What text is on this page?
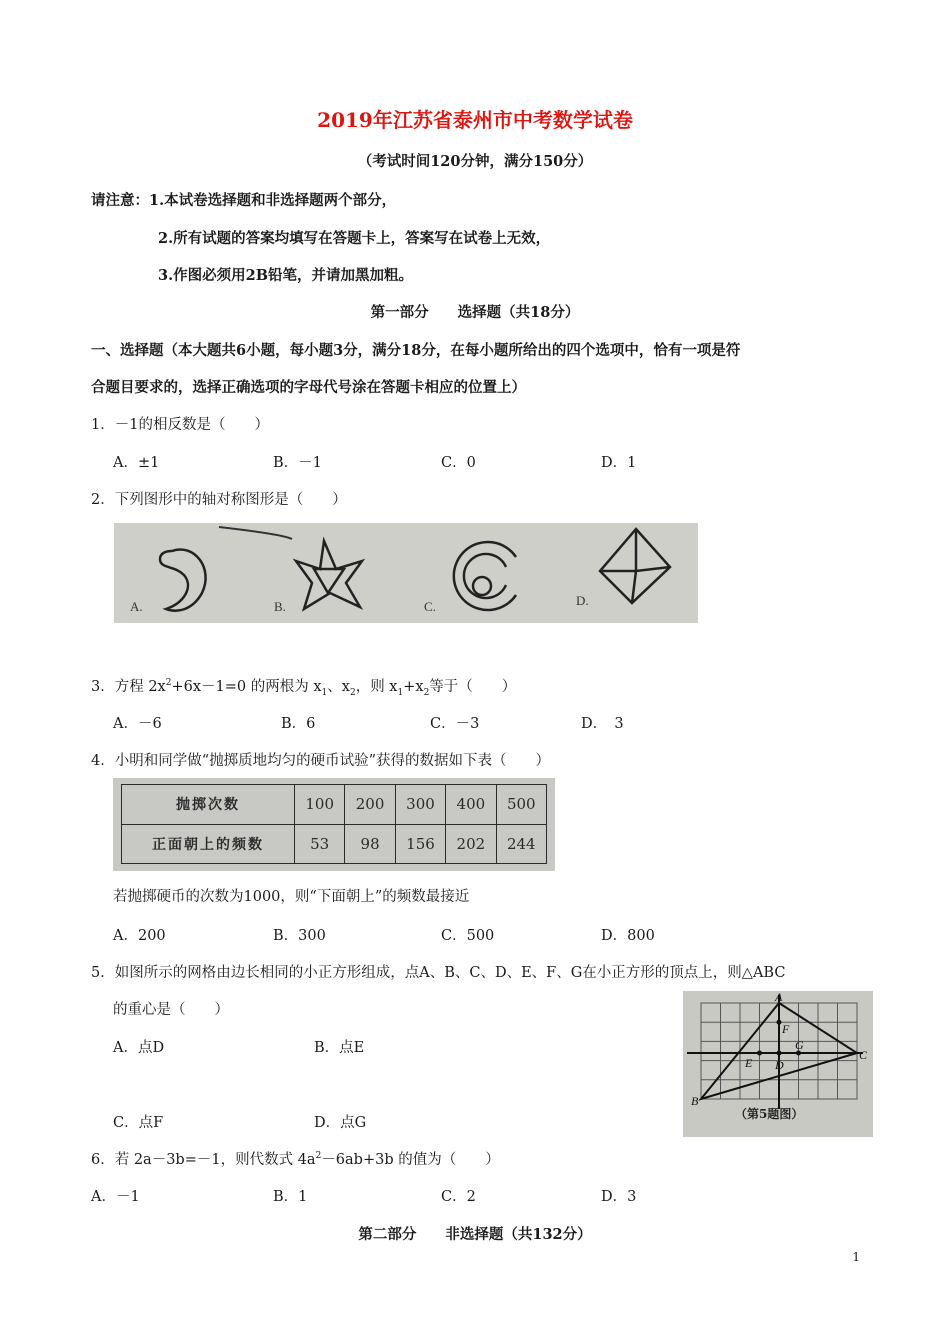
2019年江苏省泰州市中考数学试卷
（考试时间120分钟，满分150分）
请注意：1.本试卷选择题和非选择题两个部分，
2.所有试题的答案均填写在答题卡上，答案写在试卷上无效，
3.作图必须用2B铅笔，并请加黑加粗。
第一部分　　选择题（共18分）
一、选择题（本大题共6小题，每小题3分，满分18分，在每小题所给出的四个选项中，恰有一项是符
合题目要求的，选择正确选项的字母代号涂在答题卡相应的位置上）
1．－1的相反数是（　　）
A．±1	B．－1	C．0	D．1
2．下列图形中的轴对称图形是（　　）
A.	B.	C.	D.
3．方程 $2x^2+6x-1=0$ 的两根为 $x_1$、$x_2$，则 $x_1+x_2$等于（　　）
A．－6	B．6	C．－3	D．　3
4．小明和同学做“抛掷质地均匀的硬币试验”获得的数据如下表（　　）
抛掷次数	100	200	300	400	500
正面朝上的频数	53	98	156	202	244
若抛掷硬币的次数为1000，则“下面朝上”的频数最接近
A．200	B．300	C．500	D．800
5．如图所示的网格由边长相同的小正方形组成，点A、B、C、D、E、F、G在小正方形的顶点上，则△ABC
的重心是（　　）
A．点D	B．点E
C．点F	D．点G
A
B
C
D
E
F
G
（第5题图）
6．若 2a－3b=－1，则代数式 $4a^2-6ab+3b$ 的值为（　　）
A．－1	B．1	C．2	D．3
第二部分　　非选择题（共132分）
1
